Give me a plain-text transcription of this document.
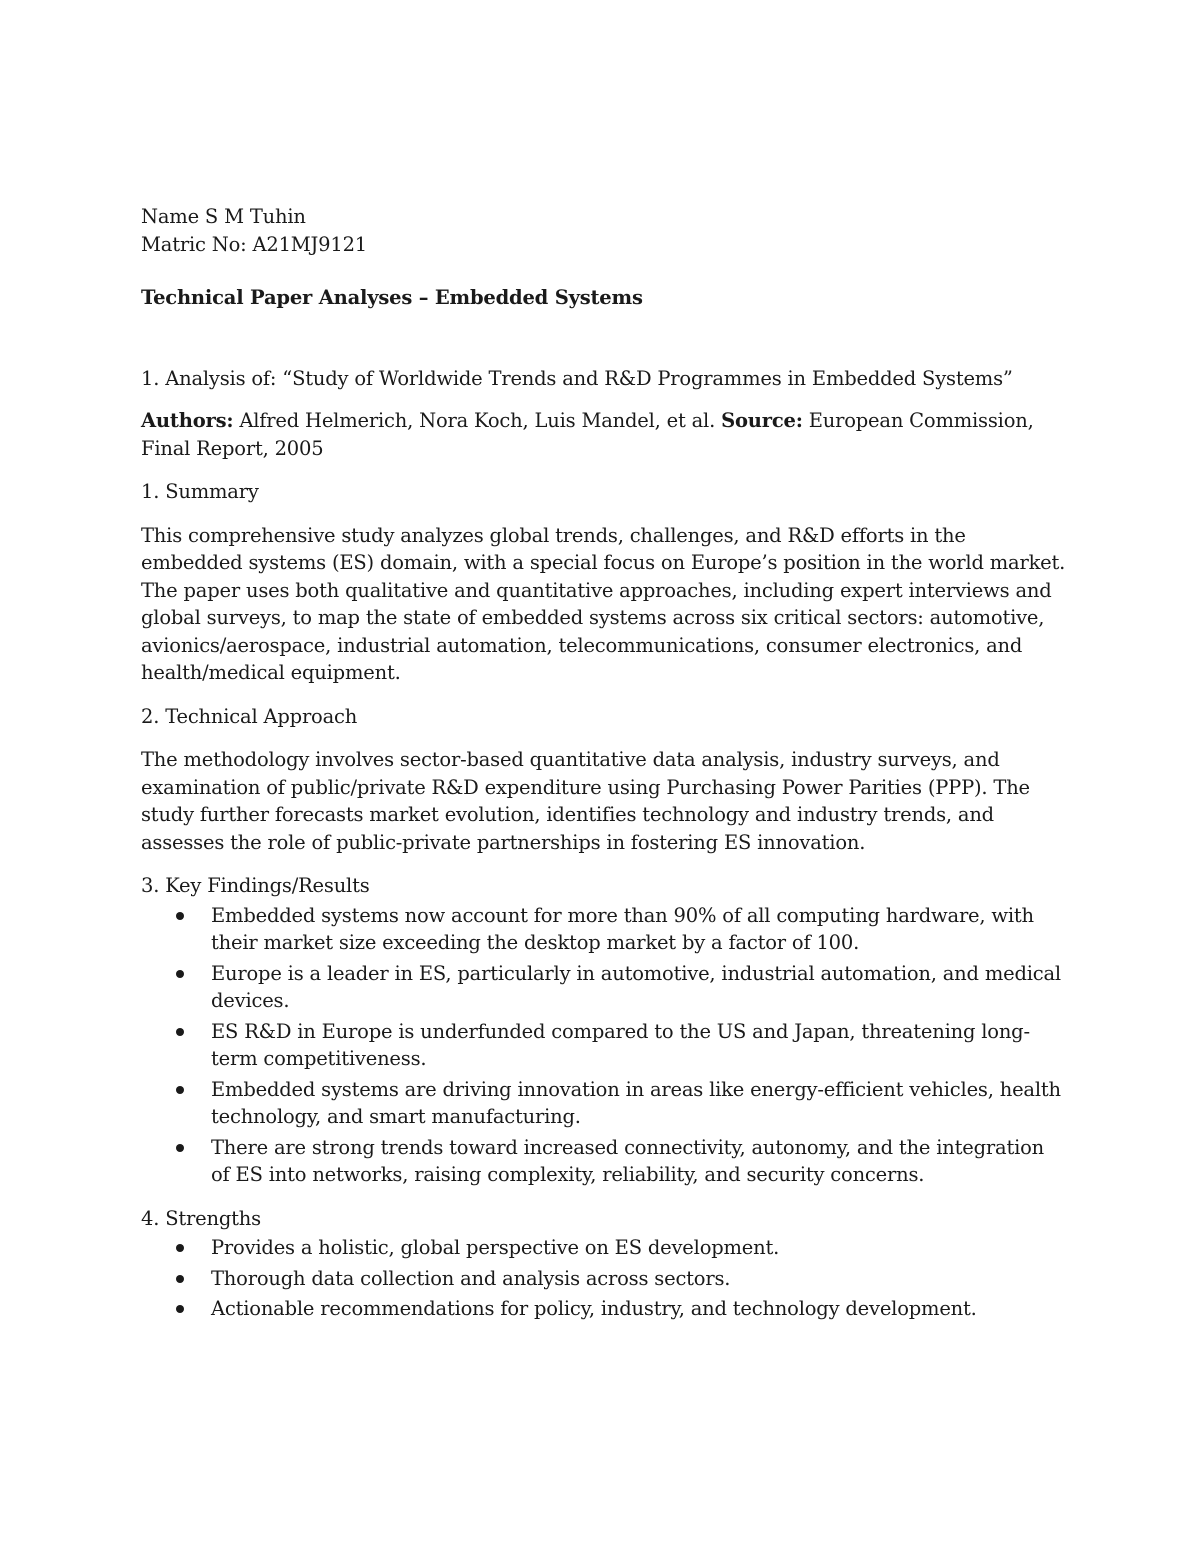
Name S M Tuhin
Matric No: A21MJ9121
Technical Paper Analyses – Embedded Systems
1. Analysis of: “Study of Worldwide Trends and R&D Programmes in Embedded Systems”
Authors: Alfred Helmerich, Nora Koch, Luis Mandel, et al. Source: European Commission, Final Report, 2005
1. Summary
This comprehensive study analyzes global trends, challenges, and R&D efforts in the embedded systems (ES) domain, with a special focus on Europe’s position in the world market. The paper uses both qualitative and quantitative approaches, including expert interviews and global surveys, to map the state of embedded systems across six critical sectors: automotive, avionics/aerospace, industrial automation, telecommunications, consumer electronics, and health/medical equipment.
2. Technical Approach
The methodology involves sector-based quantitative data analysis, industry surveys, and examination of public/private R&D expenditure using Purchasing Power Parities (PPP). The study further forecasts market evolution, identifies technology and industry trends, and assesses the role of public-private partnerships in fostering ES innovation.
3. Key Findings/Results
Embedded systems now account for more than 90% of all computing hardware, with their market size exceeding the desktop market by a factor of 100.
Europe is a leader in ES, particularly in automotive, industrial automation, and medical devices.
ES R&D in Europe is underfunded compared to the US and Japan, threatening long-term competitiveness.
Embedded systems are driving innovation in areas like energy-efficient vehicles, health technology, and smart manufacturing.
There are strong trends toward increased connectivity, autonomy, and the integration of ES into networks, raising complexity, reliability, and security concerns.
4. Strengths
Provides a holistic, global perspective on ES development.
Thorough data collection and analysis across sectors.
Actionable recommendations for policy, industry, and technology development.
